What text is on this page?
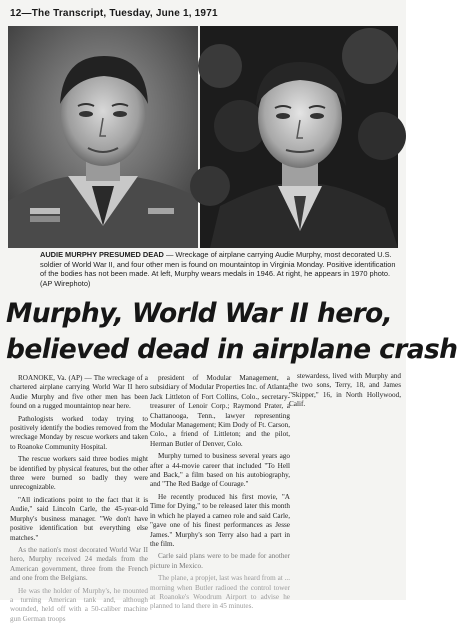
12—The Transcript, Tuesday, June 1, 1971
AUDIE MURPHY PRESUMED DEAD — Wreckage of airplane carrying Audie Murphy, most decorated U.S. soldier of World War II, and four other men is found on mountaintop in Virginia Monday. Positive identification of the bodies has not been made. At left, Murphy wears medals in 1946. At right, he appears in 1970 photo. (AP Wirephoto)
Murphy, World War II hero,
believed dead in airplane crash

ROANOKE, Va. (AP) — The wreckage of a chartered airplane carrying World War II hero Audie Murphy and five other men has been found on a rugged mountaintop near here.

Pathologists worked today trying to positively identify the bodies removed from the wreckage Monday by rescue workers and taken to Roanoke Community Hospital.

The rescue workers said three bodies might be identified by physical features, but the other three were burned so badly they were unrecognizable.

"All indications point to the fact that it is Audie," said Lincoln Carle, the 45-year-old Murphy's business manager. "We don't have positive identification but everything else matches."

As the nation's most decorated World War II hero, Murphy received 24 medals from the American government, three from the French and one from the Belgians.

He was the holder of Murphy's, he mounted a turning American tank and, although wounded, held off with a 50-caliber machine gun German troops

president of Modular Management, a subsidiary of Modular Properties Inc. of Atlanta; Jack Littleton of Fort Collins, Colo., secretary-treasurer of Lenoir Corp.; Raymond Prater, a Chattanooga, Tenn., lawyer representing Modular Management; Kim Dody of Ft. Carson, Colo., a friend of Littleton; and the pilot, Herman Butler of Denver, Colo.

Murphy turned to business several years ago after a 44-movie career that included "To Hell and Back," a film based on his autobiography, and "The Red Badge of Courage."

He recently produced his first movie, "A Time for Dying," to be released later this month in which he played a cameo role and said Carle, "gave one of his finest performances as Jesse James." Murphy's son Terry also had a part in the film.

Carle said plans were to be made for another picture in Mexico.

The plane, a propjet, last was heard from at ... morning when Butler radioed the control tower at Roanoke's Woodrum Airport to advise he planned to land there in 45 minutes.

stewardess, lived with Murphy and the two sons, Terry, 18, and James "Skipper," 16, in North Hollywood, Calif.
